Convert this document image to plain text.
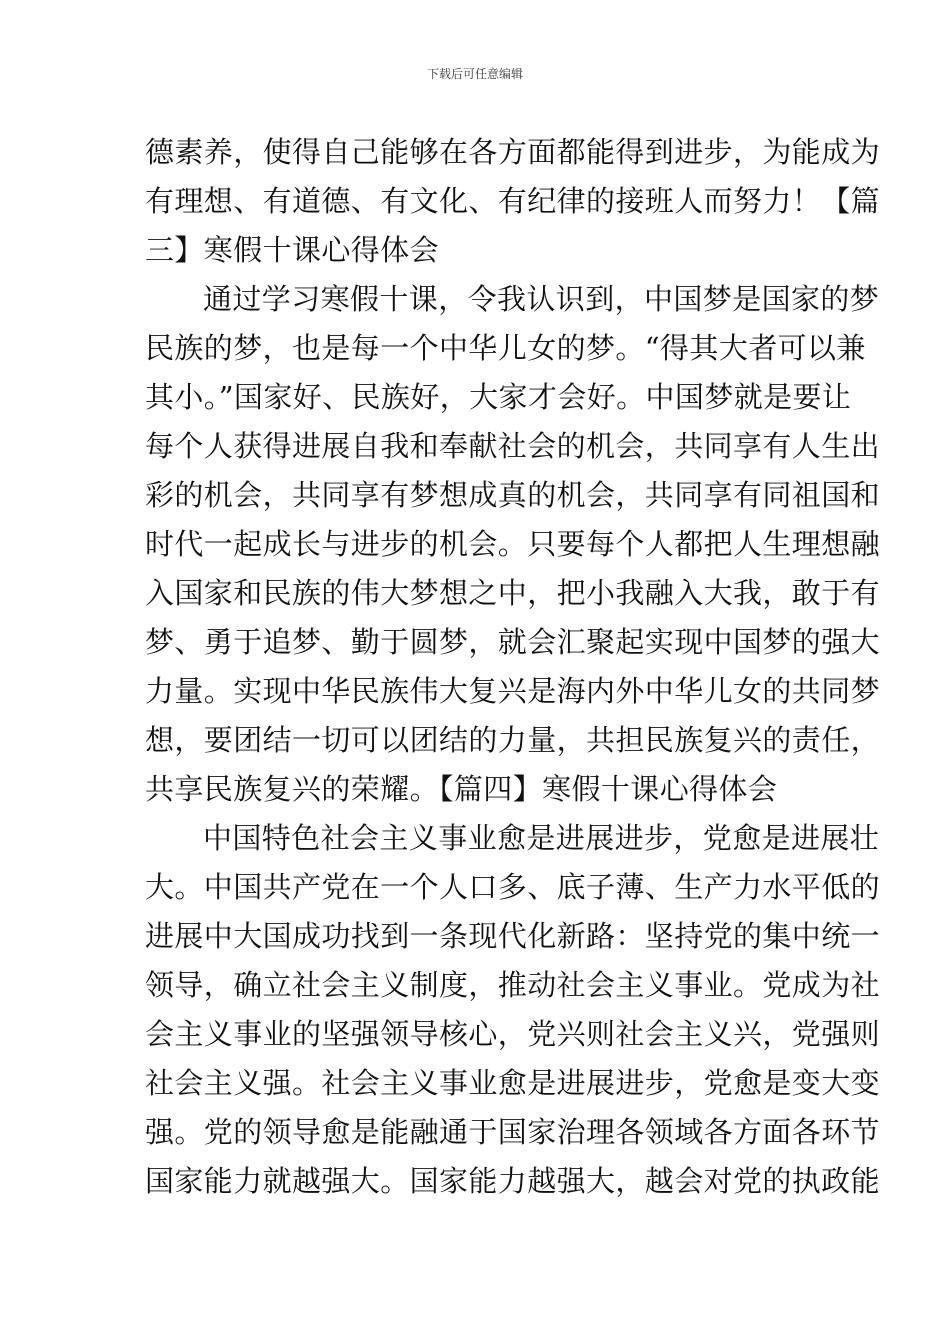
下载后可任意编辑
德素养，使得自己能够在各方面都能得到进步，为能成为
有理想、有道德、有文化、有纪律的接班人而努力！【篇
三】寒假十课心得体会
通过学习寒假十课，令我认识到，中国梦是国家的梦
民族的梦，也是每一个中华儿女的梦。“得其大者可以兼
其小。”国家好、民族好，大家才会好。中国梦就是要让
每个人获得进展自我和奉献社会的机会，共同享有人生出
彩的机会，共同享有梦想成真的机会，共同享有同祖国和
时代一起成长与进步的机会。只要每个人都把人生理想融
入国家和民族的伟大梦想之中，把小我融入大我，敢于有
梦、勇于追梦、勤于圆梦，就会汇聚起实现中国梦的强大
力量。实现中华民族伟大复兴是海内外中华儿女的共同梦
想，要团结一切可以团结的力量，共担民族复兴的责任，
共享民族复兴的荣耀。【篇四】寒假十课心得体会
中国特色社会主义事业愈是进展进步，党愈是进展壮
大。中国共产党在一个人口多、底子薄、生产力水平低的
进展中大国成功找到一条现代化新路：坚持党的集中统一
领导，确立社会主义制度，推动社会主义事业。党成为社
会主义事业的坚强领导核心，党兴则社会主义兴，党强则
社会主义强。社会主义事业愈是进展进步，党愈是变大变
强。党的领导愈是能融通于国家治理各领域各方面各环节
国家能力就越强大。国家能力越强大，越会对党的执政能
